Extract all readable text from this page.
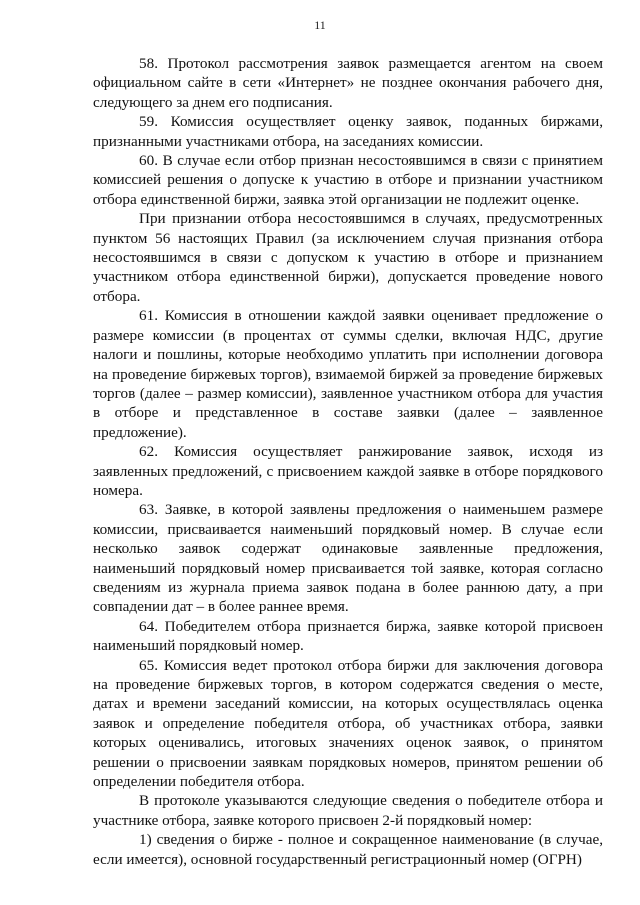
11

58. Протокол рассмотрения заявок размещается агентом на своем официальном сайте в сети «Интернет» не позднее окончания рабочего дня, следующего за днем его подписания.

59. Комиссия осуществляет оценку заявок, поданных биржами, признанными участниками отбора, на заседаниях комиссии.

60. В случае если отбор признан несостоявшимся в связи с принятием комиссией решения о допуске к участию в отборе и признании участником отбора единственной биржи, заявка этой организации не подлежит оценке.

При признании отбора несостоявшимся в случаях, предусмотренных пунктом 56 настоящих Правил (за исключением случая признания отбора несостоявшимся в связи с допуском к участию в отборе и признанием участником отбора единственной биржи), допускается проведение нового отбора.

61. Комиссия в отношении каждой заявки оценивает предложение о размере комиссии (в процентах от суммы сделки, включая НДС, другие налоги и пошлины, которые необходимо уплатить при исполнении договора на проведение биржевых торгов), взимаемой биржей за проведение биржевых торгов (далее – размер комиссии), заявленное участником отбора для участия в отборе и представленное в составе заявки (далее – заявленное предложение).

62. Комиссия осуществляет ранжирование заявок, исходя из заявленных предложений, с присвоением каждой заявке в отборе порядкового номера.

63. Заявке, в которой заявлены предложения о наименьшем размере комиссии, присваивается наименьший порядковый номер. В случае если несколько заявок содержат одинаковые заявленные предложения, наименьший порядковый номер присваивается той заявке, которая согласно сведениям из журнала приема заявок подана в более раннюю дату, а при совпадении дат – в более раннее время.

64. Победителем отбора признается биржа, заявке которой присвоен наименьший порядковый номер.

65. Комиссия ведет протокол отбора биржи для заключения договора на проведение биржевых торгов, в котором содержатся сведения о месте, датах и времени заседаний комиссии, на которых осуществлялась оценка заявок и определение победителя отбора, об участниках отбора, заявки которых оценивались, итоговых значениях оценок заявок, о принятом решении о присвоении заявкам порядковых номеров, принятом решении об определении победителя отбора.

В протоколе указываются следующие сведения о победителе отбора и участнике отбора, заявке которого присвоен 2-й порядковый номер:

1) сведения о бирже - полное и сокращенное наименование (в случае, если имеется), основной государственный регистрационный номер (ОГРН)
